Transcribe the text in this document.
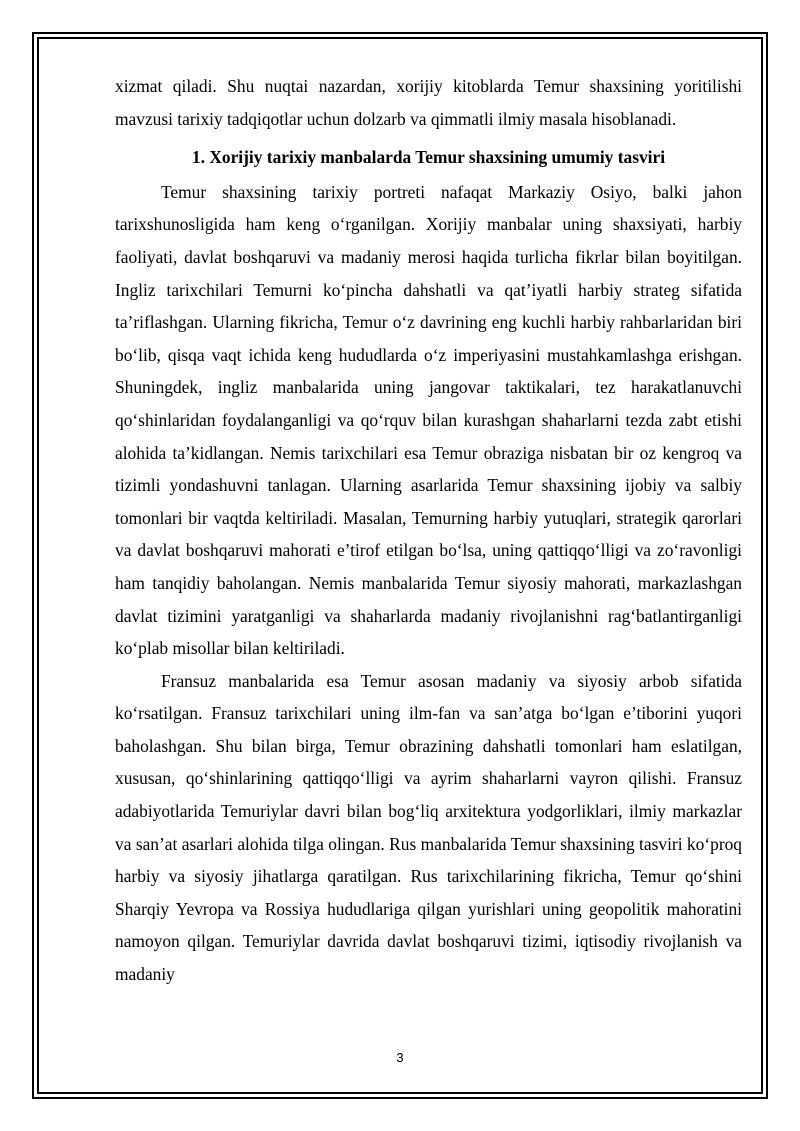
xizmat qiladi. Shu nuqtai nazardan, xorijiy kitoblarda Temur shaxsining yoritilishi mavzusi tarixiy tadqiqotlar uchun dolzarb va qimmatli ilmiy masala hisoblanadi.

1. Xorijiy tarixiy manbalarda Temur shaxsining umumiy tasviri

Temur shaxsining tarixiy portreti nafaqat Markaziy Osiyo, balki jahon tarixshunosligida ham keng o‘rganilgan. Xorijiy manbalar uning shaxsiyati, harbiy faoliyati, davlat boshqaruvi va madaniy merosi haqida turlicha fikrlar bilan boyitilgan. Ingliz tarixchilari Temurni ko‘pincha dahshatli va qat’iyatli harbiy strateg sifatida ta’riflashgan. Ularning fikricha, Temur o‘z davrining eng kuchli harbiy rahbarlaridan biri bo‘lib, qisqa vaqt ichida keng hududlarda o‘z imperiyasini mustahkamlashga erishgan. Shuningdek, ingliz manbalarida uning jangovar taktikalari, tez harakatlanuvchi qo‘shinlaridan foydalanganligi va qo‘rquv bilan kurashgan shaharlarni tezda zabt etishi alohida ta’kidlangan. Nemis tarixchilari esa Temur obraziga nisbatan bir oz kengroq va tizimli yondashuvni tanlagan. Ularning asarlarida Temur shaxsining ijobiy va salbiy tomonlari bir vaqtda keltiriladi. Masalan, Temurning harbiy yutuqlari, strategik qarorlari va davlat boshqaruvi mahorati e’tirof etilgan bo‘lsa, uning qattiqqo‘lligi va zo‘ravonligi ham tanqidiy baholangan. Nemis manbalarida Temur siyosiy mahorati, markazlashgan davlat tizimini yaratganligi va shaharlarda madaniy rivojlanishni rag‘batlantirganligi ko‘plab misollar bilan keltiriladi.

Fransuz manbalarida esa Temur asosan madaniy va siyosiy arbob sifatida ko‘rsatilgan. Fransuz tarixchilari uning ilm-fan va san’atga bo‘lgan e’tiborini yuqori baholashgan. Shu bilan birga, Temur obrazining dahshatli tomonlari ham eslatilgan, xususan, qo‘shinlarining qattiqqo‘lligi va ayrim shaharlarni vayron qilishi. Fransuz adabiyotlarida Temuriylar davri bilan bog‘liq arxitektura yodgorliklari, ilmiy markazlar va san’at asarlari alohida tilga olingan. Rus manbalarida Temur shaxsining tasviri ko‘proq harbiy va siyosiy jihatlarga qaratilgan. Rus tarixchilarining fikricha, Temur qo‘shini Sharqiy Yevropa va Rossiya hududlariga qilgan yurishlari uning geopolitik mahoratini namoyon qilgan. Temuriylar davrida davlat boshqaruvi tizimi, iqtisodiy rivojlanish va madaniy

3
